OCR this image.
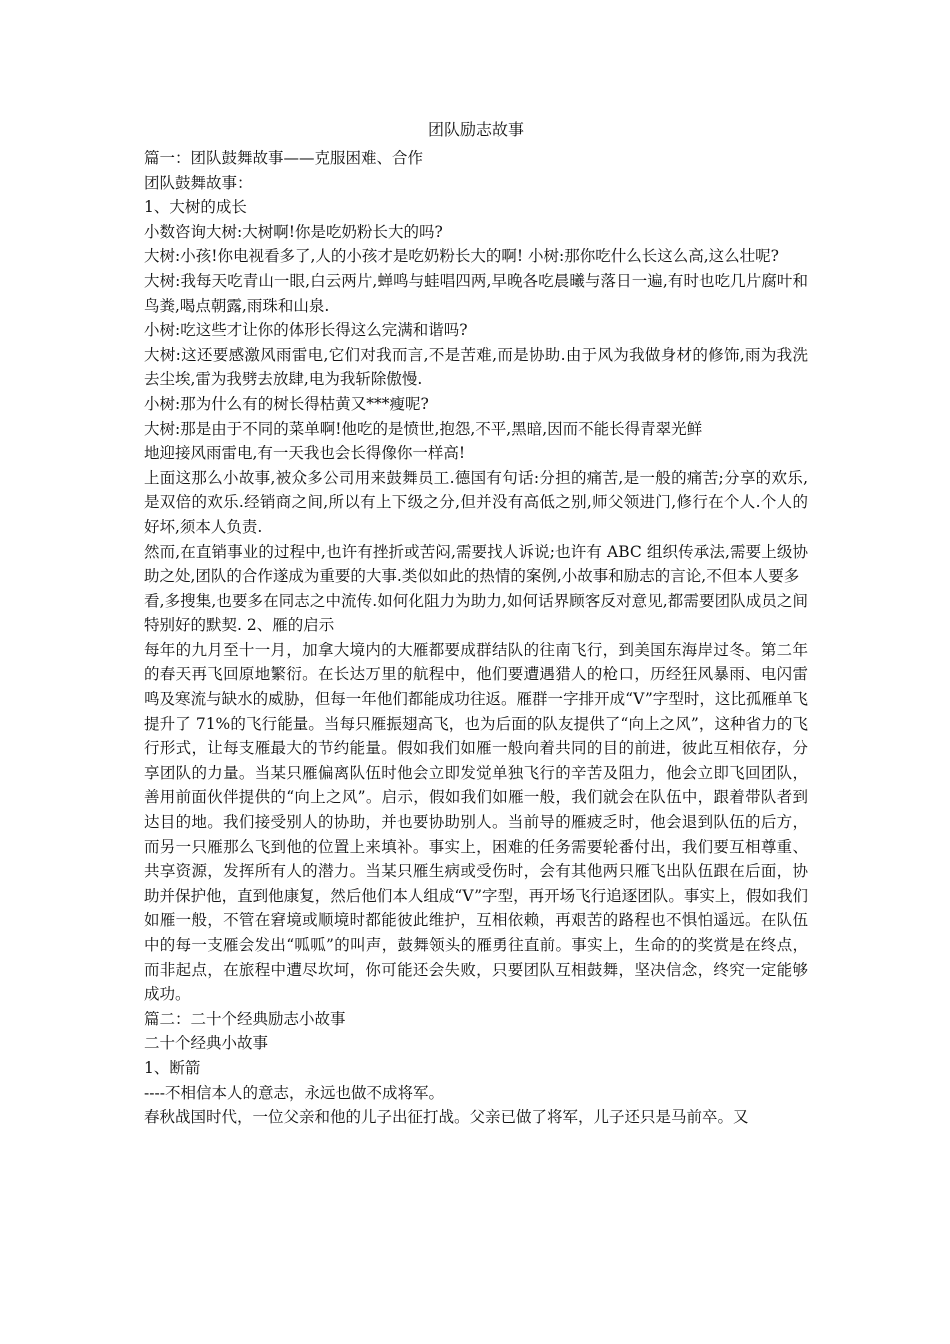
团队励志故事

篇一：团队鼓舞故事——克服困难、合作

团队鼓舞故事：

1、大树的成长

小数咨询大树:大树啊!你是吃奶粉长大的吗?

大树:小孩!你电视看多了,人的小孩才是吃奶粉长大的啊! 小树:那你吃什么长这么高,这么壮呢?

大树:我每天吃青山一眼,白云两片,蝉鸣与蛙唱四两,早晚各吃晨曦与落日一遍,有时也吃几片腐叶和鸟粪,喝点朝露,雨珠和山泉.

小树:吃这些才让你的体形长得这么完满和谐吗?

大树:这还要感激风雨雷电,它们对我而言,不是苦难,而是协助.由于风为我做身材的修饰,雨为我洗去尘埃,雷为我劈去放肆,电为我斩除傲慢.

小树:那为什么有的树长得枯黄又***瘦呢?

大树:那是由于不同的菜单啊!他吃的是愤世,抱怨,不平,黑暗,因而不能长得青翠光鲜

地迎接风雨雷电,有一天我也会长得像你一样高!

上面这那么小故事,被众多公司用来鼓舞员工.德国有句话:分担的痛苦,是一般的痛苦;分享的欢乐,是双倍的欢乐.经销商之间,所以有上下级之分,但并没有高低之别,师父领进门,修行在个人.个人的好坏,须本人负责.

然而,在直销事业的过程中,也许有挫折或苦闷,需要找人诉说;也许有 ABC 组织传承法,需要上级协助之处,团队的合作遂成为重要的大事.类似如此的热情的案例,小故事和励志的言论,不但本人要多

看,多搜集,也要多在同志之中流传.如何化阻力为助力,如何话界顾客反对意见,都需要团队成员之间特别好的默契. 2、雁的启示

每年的九月至十一月，加拿大境内的大雁都要成群结队的往南飞行，到美国东海岸过冬。第二年的春天再飞回原地繁衍。在长达万里的航程中，他们要遭遇猎人的枪口，历经狂风暴雨、电闪雷鸣及寒流与缺水的威胁，但每一年他们都能成功往返。雁群一字排开成“V”字型时，这比孤雁单飞提升了 71%的飞行能量。当每只雁振翅高飞，也为后面的队友提供了“向上之风”，这种省力的飞行形式，让每支雁最大的节约能量。假如我们如雁一般向着共同的目的前进，彼此互相依存，分享团队的力量。当某只雁偏离队伍时他会立即发觉单独飞行的辛苦及阻力，他会立即飞回团队，善用前面伙伴提供的“向上之风”。启示，假如我们如雁一般，我们就会在队伍中，跟着带队者到达目的地。我们接受别人的协助，并也要协助别人。当前导的雁疲乏时，他会退到队伍的后方，而另一只雁那么飞到他的位置上来填补。事实上，困难的任务需要轮番付出，我们要互相尊重、共享资源，发挥所有人的潜力。当某只雁生病或受伤时，会有其他两只雁飞出队伍跟在后面，协助并保护他，直到他康复，然后他们本人组成“V”字型，再开场飞行追逐团队。事实上，假如我们如雁一般，不管在窘境或顺境时都能彼此维护，互相依赖，再艰苦的路程也不惧怕遥远。在队伍中的每一支雁会发出“呱呱”的叫声，鼓舞领头的雁勇往直前。事实上，生命的的奖赏是在终点，而非起点，在旅程中遭尽坎坷，你可能还会失败，只要团队互相鼓舞，坚决信念，终究一定能够成功。

篇二：二十个经典励志小故事

二十个经典小故事

1、断箭

----不相信本人的意志，永远也做不成将军。

春秋战国时代，一位父亲和他的儿子出征打战。父亲已做了将军，儿子还只是马前卒。又
